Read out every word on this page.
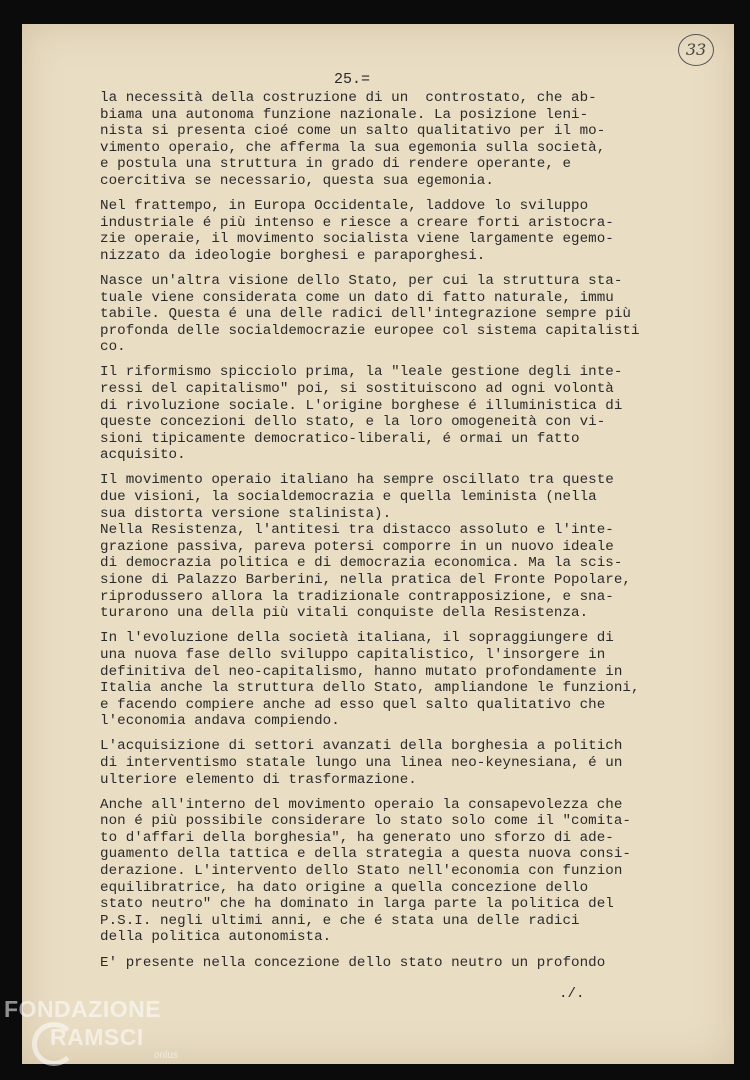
33
25.=
la necessità della costruzione di un  controstato, che ab-
biama una autonoma funzione nazionale. La posizione leni-
nista si presenta cioé come un salto qualitativo per il mo-
vimento operaio, che afferma la sua egemonia sulla società,
e postula una struttura in grado di rendere operante, e
coercitiva se necessario, questa sua egemonia.
Nel frattempo, in Europa Occidentale, laddove lo sviluppo
industriale é più intenso e riesce a creare forti aristocra-
zie operaie, il movimento socialista viene largamente egemo-
nizzato da ideologie borghesi e paraporghesi.
Nasce un'altra visione dello Stato, per cui la struttura sta-
tuale viene considerata come un dato di fatto naturale, immu
tabile. Questa é una delle radici dell'integrazione sempre più
profonda delle socialdemocrazie europee col sistema capitalisti
co.
Il riformismo spicciolo prima, la "leale gestione degli inte-
ressi del capitalismo" poi, si sostituiscono ad ogni volontà
di rivoluzione sociale. L'origine borghese é illuministica di
queste concezioni dello stato, e la loro omogeneità con vi-
sioni tipicamente democratico-liberali, é ormai un fatto
acquisito.
Il movimento operaio italiano ha sempre oscillato tra queste
due visioni, la socialdemocrazia e quella leminista (nella
sua distorta versione stalinista).
Nella Resistenza, l'antitesi tra distacco assoluto e l'inte-
grazione passiva, pareva potersi comporre in un nuovo ideale
di democrazia politica e di democrazia economica. Ma la scis-
sione di Palazzo Barberini, nella pratica del Fronte Popolare,
riprodussero allora la tradizionale contrapposizione, e sna-
turarono una della più vitali conquiste della Resistenza.
In l'evoluzione della società italiana, il sopraggiungere di
una nuova fase dello sviluppo capitalistico, l'insorgere in
definitiva del neo-capitalismo, hanno mutato profondamente in
Italia anche la struttura dello Stato, ampliandone le funzioni,
e facendo compiere anche ad esso quel salto qualitativo che
l'economia andava compiendo.
L'acquisizione di settori avanzati della borghesia a politich
di interventismo statale lungo una linea neo-keynesiana, é un
ulteriore elemento di trasformazione.
Anche all'interno del movimento operaio la consapevolezza che
non é più possibile considerare lo stato solo come il "comita-
to d'affari della borghesia", ha generato uno sforzo di ade-
guamento della tattica e della strategia a questa nuova consi-
derazione. L'intervento dello Stato nell'economia con funzion
equilibratrice, ha dato origine a quella concezione dello
stato neutro" che ha dominato in larga parte la politica del
P.S.I. negli ultimi anni, e che é stata una delle radici
della politica autonomista.
E' presente nella concezione dello stato neutro un profondo
./.
FONDAZIONE
RAMSCI
onlus
